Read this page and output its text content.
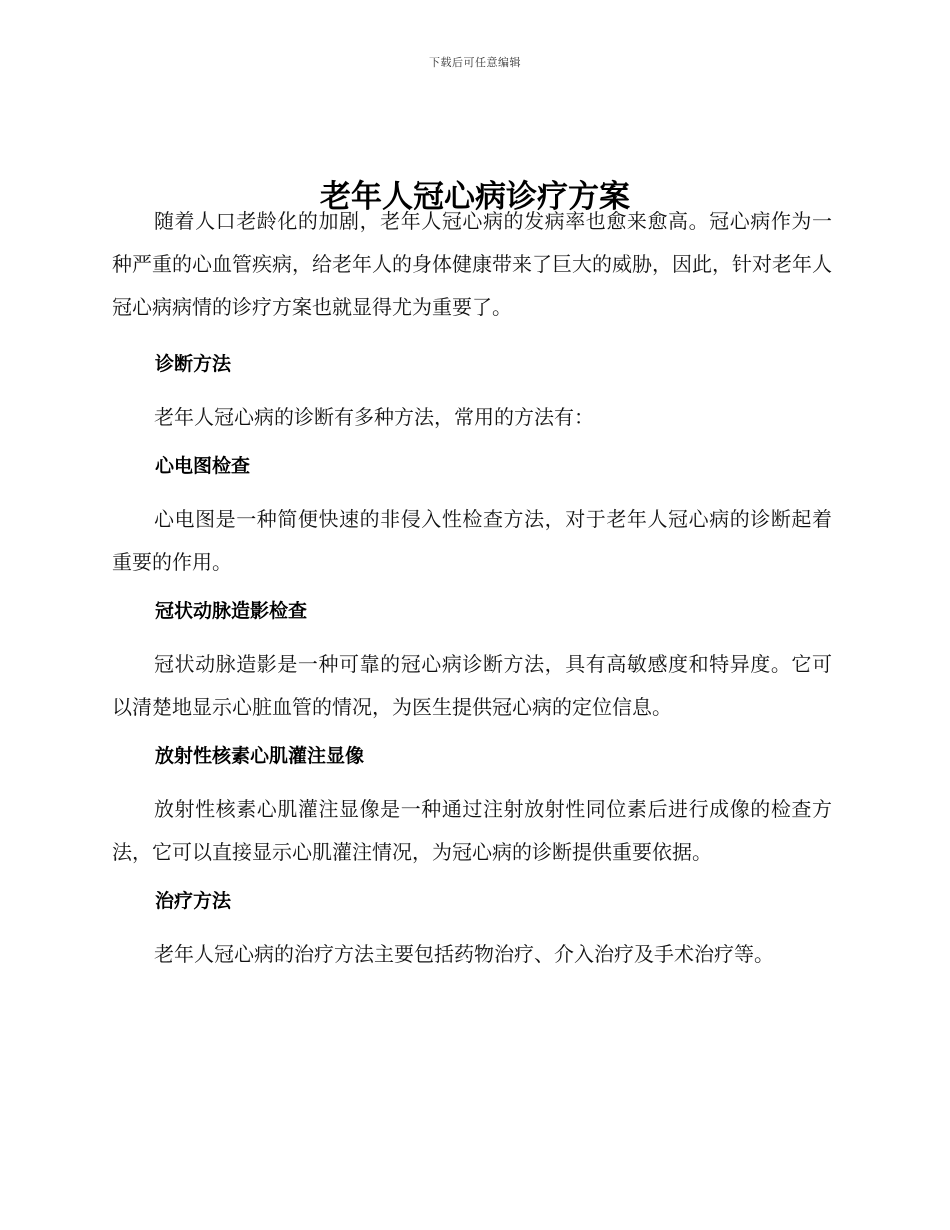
下载后可任意编辑
老年人冠心病诊疗方案

随着人口老龄化的加剧，老年人冠心病的发病率也愈来愈高。冠心病作为一种严重的心血管疾病，给老年人的身体健康带来了巨大的威胁，因此，针对老年人冠心病病情的诊疗方案也就显得尤为重要了。

诊断方法

老年人冠心病的诊断有多种方法，常用的方法有：

心电图检查

心电图是一种简便快速的非侵入性检查方法，对于老年人冠心病的诊断起着重要的作用。

冠状动脉造影检查

冠状动脉造影是一种可靠的冠心病诊断方法，具有高敏感度和特异度。它可以清楚地显示心脏血管的情况，为医生提供冠心病的定位信息。

放射性核素心肌灌注显像

放射性核素心肌灌注显像是一种通过注射放射性同位素后进行成像的检查方法，它可以直接显示心肌灌注情况，为冠心病的诊断提供重要依据。

治疗方法

老年人冠心病的治疗方法主要包括药物治疗、介入治疗及手术治疗等。
